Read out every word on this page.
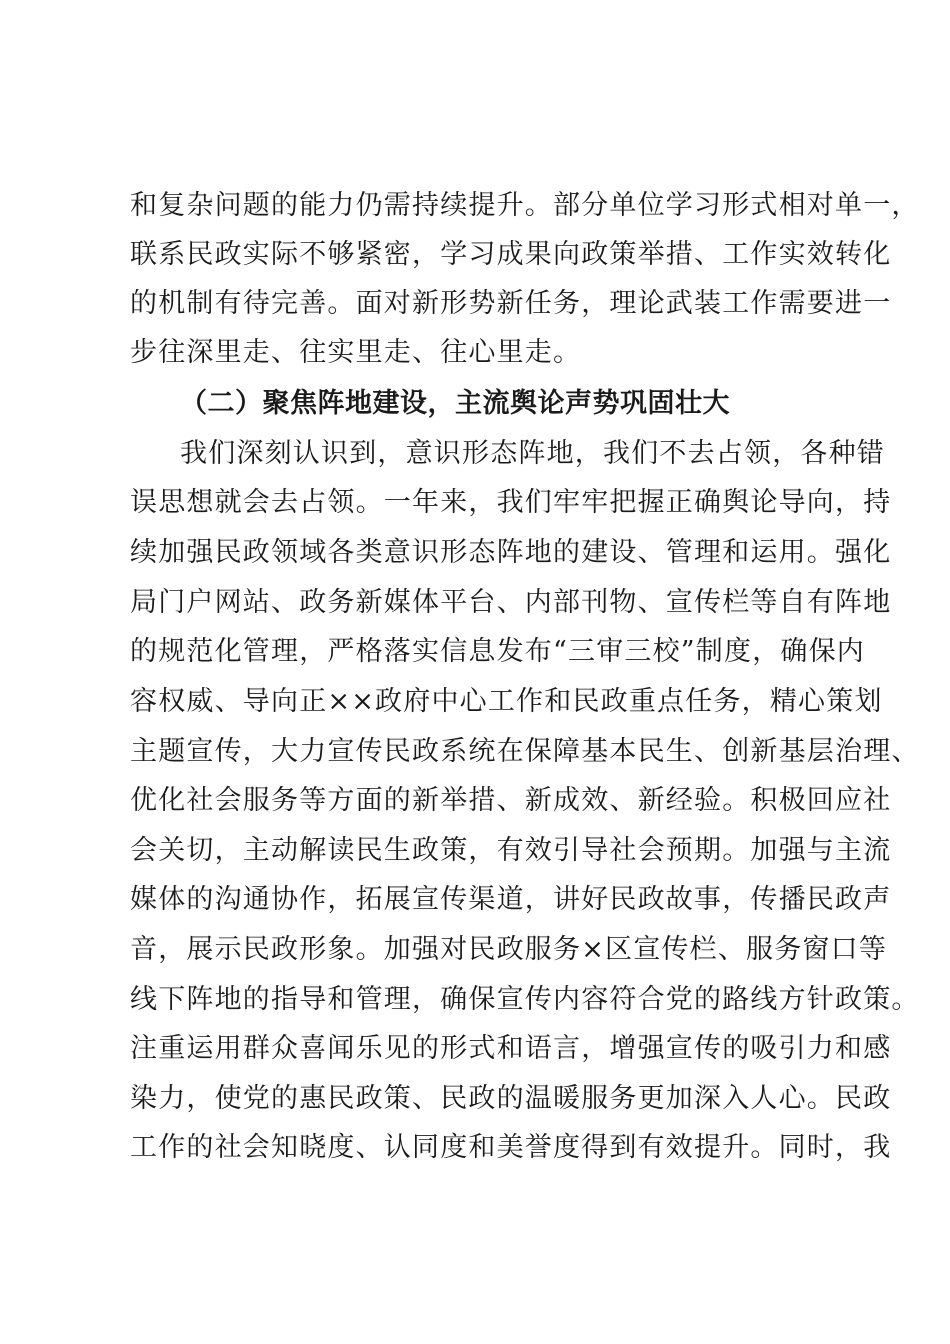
和复杂问题的能力仍需持续提升。部分单位学习形式相对单一，
联系民政实际不够紧密，学习成果向政策举措、工作实效转化
的机制有待完善。面对新形势新任务，理论武装工作需要进一
步往深里走、往实里走、往心里走。
（二）聚焦阵地建设，主流舆论声势巩固壮大
我们深刻认识到，意识形态阵地，我们不去占领，各种错
误思想就会去占领。一年来，我们牢牢把握正确舆论导向，持
续加强民政领域各类意识形态阵地的建设、管理和运用。强化
局门户网站、政务新媒体平台、内部刊物、宣传栏等自有阵地
的规范化管理，严格落实信息发布“三审三校”制度，确保内
容权威、导向正××政府中心工作和民政重点任务，精心策划
主题宣传，大力宣传民政系统在保障基本民生、创新基层治理、
优化社会服务等方面的新举措、新成效、新经验。积极回应社
会关切，主动解读民生政策，有效引导社会预期。加强与主流
媒体的沟通协作，拓展宣传渠道，讲好民政故事，传播民政声
音，展示民政形象。加强对民政服务×区宣传栏、服务窗口等
线下阵地的指导和管理，确保宣传内容符合党的路线方针政策。
注重运用群众喜闻乐见的形式和语言，增强宣传的吸引力和感
染力，使党的惠民政策、民政的温暖服务更加深入人心。民政
工作的社会知晓度、认同度和美誉度得到有效提升。同时，我
